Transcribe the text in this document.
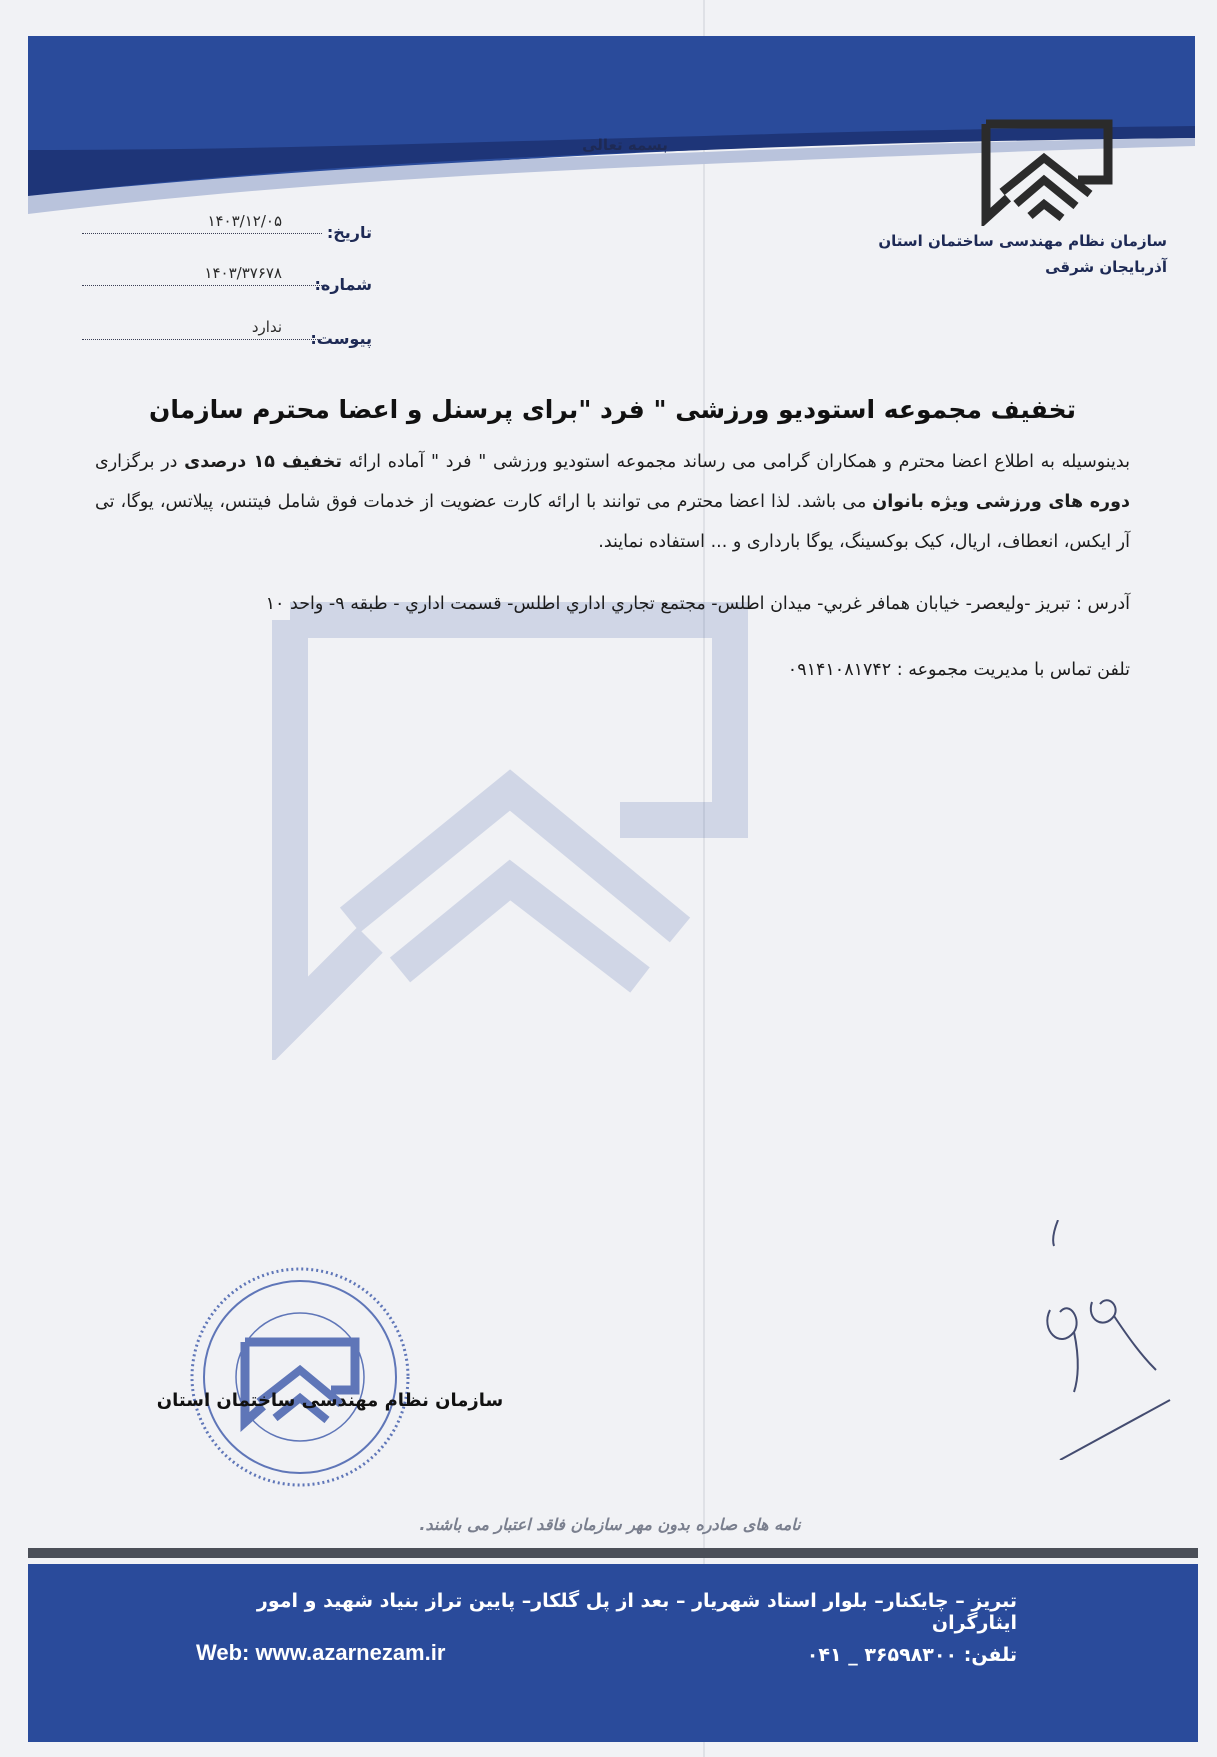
بسمه تعالی
سازمان نظام مهندسی ساختمان استان
آذربایجان شرقی
تاریخ:
۱۴۰۳/۱۲/۰۵
شماره:
۱۴۰۳/۳۷۶۷۸
پیوست:
ندارد
تخفیف مجموعه استودیو ورزشی " فرد "برای پرسنل و اعضا محترم سازمان

بدینوسیله به اطلاع اعضا محترم و همکاران گرامی می رساند مجموعه استودیو ورزشی " فرد " آماده ارائه تخفیف ۱۵ درصدی در برگزاری دوره های ورزشی ویژه بانوان می باشد. لذا اعضا محترم می توانند با ارائه کارت عضویت از خدمات فوق شامل فیتنس، پیلاتس، یوگا، تی آر ایکس، انعطاف، اریال، کیک بوکسینگ، یوگا بارداری و ... استفاده نمایند.

آدرس : تبریز -ولیعصر- خیابان همافر غربي- میدان اطلس- مجتمع تجاري اداري اطلس- قسمت اداري - طبقه ۹- واحد ۱۰

تلفن تماس با مدیریت مجموعه : ۰۹۱۴۱۰۸۱۷۴۲

سازمان نظام مهندسی ساختمان استان
نامه های صادره بدون مهر سازمان فاقد اعتبار می باشند.
تبریز – چایکنار– بلوار استاد شهریار – بعد از پل گلکار– پایین تراز بنیاد شهید و امور ایثارگران
Web: www.azarnezam.ir	تلفن: ۳۶۵۹۸۳۰۰ _ ۰۴۱
